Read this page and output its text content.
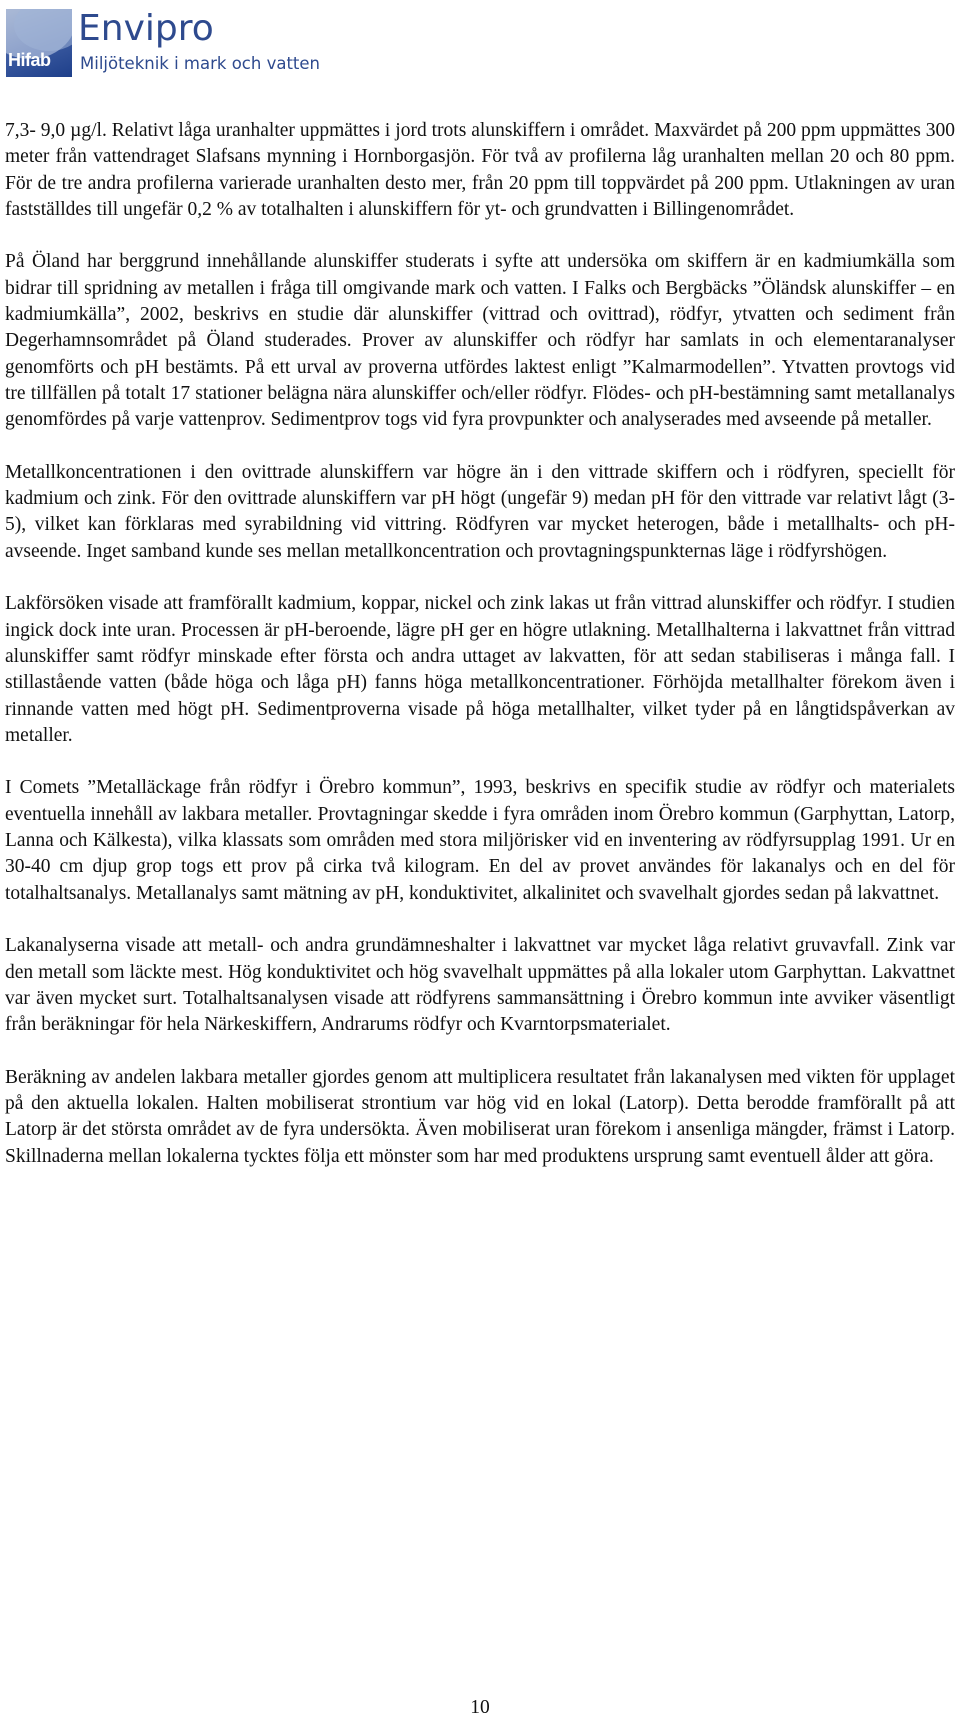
Hifab
Envipro
Miljöteknik i mark och vatten

7,3- 9,0 µg/l. Relativt låga uranhalter uppmättes i jord trots alunskiffern i området. Maxvärdet på 200 ppm uppmättes 300 meter från vattendraget Slafsans mynning i Hornborgasjön. För två av profilerna låg uranhalten mellan 20 och 80 ppm. För de tre andra profilerna varierade uranhalten desto mer, från 20 ppm till toppvärdet på 200 ppm. Utlakningen av uran fastställdes till ungefär 0,2 % av totalhalten i alunskiffern för yt- och grundvatten i Billingenområdet.

På Öland har berggrund innehållande alunskiffer studerats i syfte att undersöka om skiffern är en kadmiumkälla som bidrar till spridning av metallen i fråga till omgivande mark och vatten. I Falks och Bergbäcks ”Öländsk alunskiffer – en kadmiumkälla”, 2002, beskrivs en studie där alunskiffer (vittrad och ovittrad), rödfyr, ytvatten och sediment från Degerhamnsområdet på Öland studerades. Prover av alunskiffer och rödfyr har samlats in och elementaranalyser genomförts och pH bestämts. På ett urval av proverna utfördes laktest enligt ”Kalmarmodellen”. Ytvatten provtogs vid tre tillfällen på totalt 17 stationer belägna nära alunskiffer och/eller rödfyr. Flödes- och pH-bestämning samt metallanalys genomfördes på varje vattenprov. Sedimentprov togs vid fyra provpunkter och analyserades med avseende på metaller.

Metallkoncentrationen i den ovittrade alunskiffern var högre än i den vittrade skiffern och i rödfyren, speciellt för kadmium och zink. För den ovittrade alunskiffern var pH högt (ungefär 9) medan pH för den vittrade var relativt lågt (3-5), vilket kan förklaras med syrabildning vid vittring. Rödfyren var mycket heterogen, både i metallhalts- och pH-avseende. Inget samband kunde ses mellan metallkoncentration och provtagningspunkternas läge i rödfyrshögen.

Lakförsöken visade att framförallt kadmium, koppar, nickel och zink lakas ut från vittrad alunskiffer och rödfyr. I studien ingick dock inte uran. Processen är pH-beroende, lägre pH ger en högre utlakning. Metallhalterna i lakvattnet från vittrad alunskiffer samt rödfyr minskade efter första och andra uttaget av lakvatten, för att sedan stabiliseras i många fall. I stillastående vatten (både höga och låga pH) fanns höga metallkoncentrationer. Förhöjda metallhalter förekom även i rinnande vatten med högt pH. Sedimentproverna visade på höga metallhalter, vilket tyder på en långtidspåverkan av metaller.

I Comets ”Metalläckage från rödfyr i Örebro kommun”, 1993, beskrivs en specifik studie av rödfyr och materialets eventuella innehåll av lakbara metaller. Provtagningar skedde i fyra områden inom Örebro kommun (Garphyttan, Latorp, Lanna och Kälkesta), vilka klassats som områden med stora miljörisker vid en inventering av rödfyrsupplag 1991. Ur en 30-40 cm djup grop togs ett prov på cirka två kilogram. En del av provet användes för lakanalys och en del för totalhaltsanalys. Metallanalys samt mätning av pH, konduktivitet, alkalinitet och svavelhalt gjordes sedan på lakvattnet.

Lakanalyserna visade att metall- och andra grundämneshalter i lakvattnet var mycket låga relativt gruvavfall. Zink var den metall som läckte mest. Hög konduktivitet och hög svavelhalt uppmättes på alla lokaler utom Garphyttan. Lakvattnet var även mycket surt. Totalhaltsanalysen visade att rödfyrens sammansättning i Örebro kommun inte avviker väsentligt från beräkningar för hela Närkeskiffern, Andrarums rödfyr och Kvarntorpsmaterialet.

Beräkning av andelen lakbara metaller gjordes genom att multiplicera resultatet från lakanalysen med vikten för upplaget på den aktuella lokalen. Halten mobiliserat strontium var hög vid en lokal (Latorp). Detta berodde framförallt på att Latorp är det största området av de fyra undersökta. Även mobiliserat uran förekom i ansenliga mängder, främst i Latorp. Skillnaderna mellan lokalerna tycktes följa ett mönster som har med produktens ursprung samt eventuell ålder att göra.

10
